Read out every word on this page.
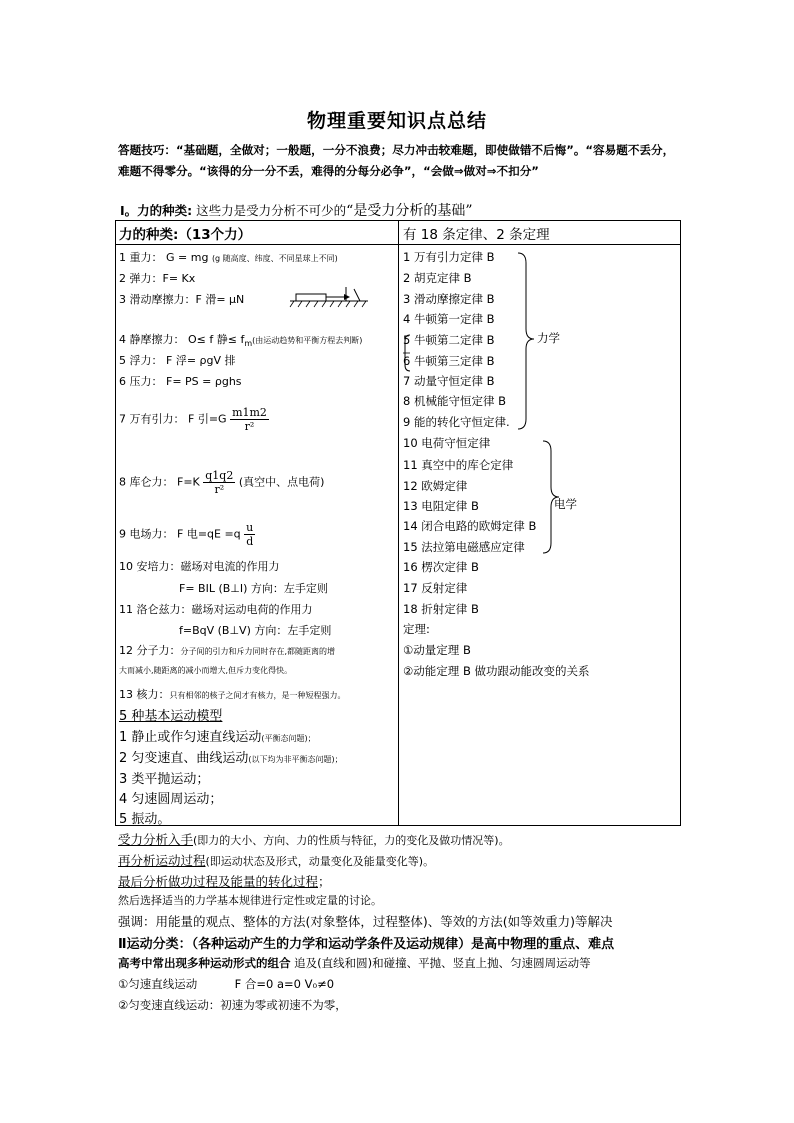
物理重要知识点总结
答题技巧：“基础题，全做对；一般题，一分不浪费；尽力冲击较难题，即使做错不后悔”。“容易题不丢分，难题不得零分。“该得的分一分不丢，难得的分每分必争”，“会做⇒做对⇒不扣分”
Ⅰ。力的种类: 这些力是受力分析不可少的“是受力分析的基础”
力的种类:（13个力）	有 18 条定律、2 条定理
1 重力： G = mg (g 随高度、纬度、不同星球上不同)
2 弹力：F= Kx
3 滑动摩擦力：F 滑= μN
4 静摩擦力： O≤ f 静≤ $f_m$(由运动趋势和平衡方程去判断)
5 浮力： F 浮= ρgV 排
6 压力： F= PS = ρghs
7 万有引力： F 引$=G \frac{m1m2}{\text{r²}}$
8 库仑力： $F=K \frac{q1q2}{\text{r²}}$ (真空中、点电荷)
9 电场力： F 电$=qE =q \frac{u}{d}$
10 安培力：磁场对电流的作用力
F= BIL (B⊥I) 方向：左手定则
11 洛仑兹力：磁场对运动电荷的作用力
f=BqV (B⊥V) 方向：左手定则
12 分子力：分子间的引力和斥力同时存在,都随距离的增
大而减小,随距离的减小而增大,但斥力变化得快。
13 核力：只有相邻的核子之间才有核力，是一种短程强力。
5 种基本运动模型
1 静止或作匀速直线运动(平衡态问题)；
2 匀变速直、曲线运动(以下均为非平衡态问题)；
3 类平抛运动；
4 匀速圆周运动；
5 振动。
1 万有引力定律 B
2 胡克定律 B
3 滑动摩擦定律 B
4 牛顿第一定律 B
5 牛顿第二定律 B
6 牛顿第三定律 B
7 动量守恒定律 B
8 机械能守恒定律 B
9 能的转化守恒定律.
10 电荷守恒定律
11 真空中的库仑定律
12 欧姆定律
13 电阻定律 B
14 闭合电路的欧姆定律 B
15 法拉第电磁感应定律
16 楞次定律 B
17 反射定律
18 折射定律 B
定理:
①动量定理 B
②动能定理 B 做功跟动能改变的关系
力学
电学
受力分析入手(即力的大小、方向、力的性质与特征，力的变化及做功情况等)。
再分析运动过程(即运动状态及形式，动量变化及能量变化等)。
最后分析做功过程及能量的转化过程；
然后选择适当的力学基本规律进行定性或定量的讨论。
强调：用能量的观点、整体的方法(对象整体，过程整体)、等效的方法(如等效重力)等解决
Ⅱ运动分类：（各种运动产生的力学和运动学条件及运动规律）是高中物理的重点、难点
高考中常出现多种运动形式的组合 追及(直线和圆)和碰撞、平抛、竖直上抛、匀速圆周运动等
①匀速直线运动	F 合=0 a=0 V₀≠0
②匀变速直线运动：初速为零或初速不为零，
